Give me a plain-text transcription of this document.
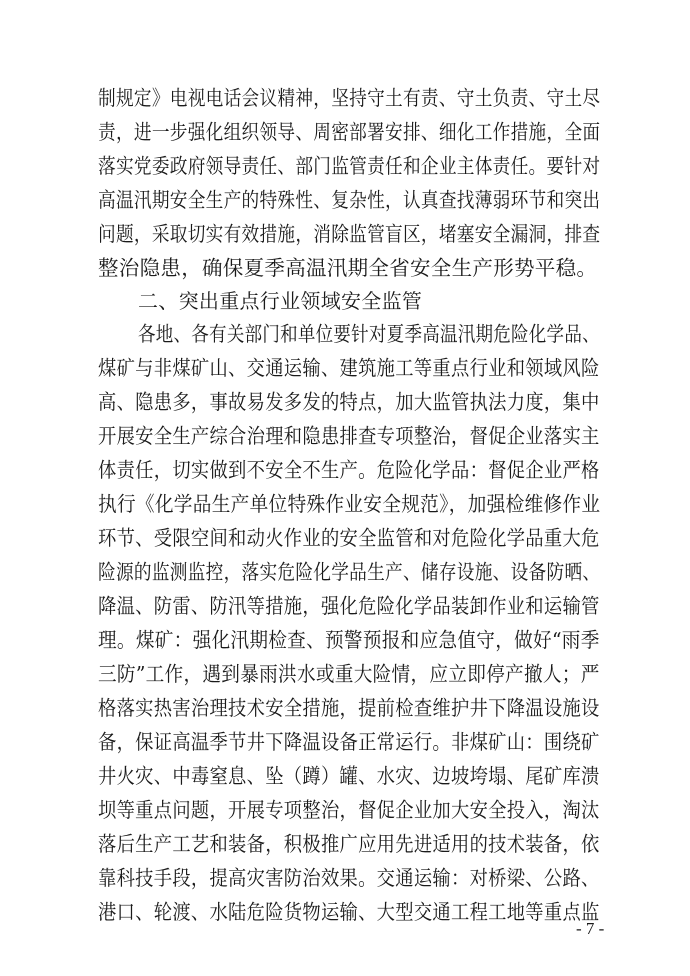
制规定》电视电话会议精神，坚持守土有责、守土负责、守土尽
责，进一步强化组织领导、周密部署安排、细化工作措施，全面
落实党委政府领导责任、部门监管责任和企业主体责任。要针对
高温汛期安全生产的特殊性、复杂性，认真查找薄弱环节和突出
问题，采取切实有效措施，消除监管盲区，堵塞安全漏洞，排查
整治隐患，确保夏季高温汛期全省安全生产形势平稳。
二、突出重点行业领域安全监管
各地、各有关部门和单位要针对夏季高温汛期危险化学品、
煤矿与非煤矿山、交通运输、建筑施工等重点行业和领域风险
高、隐患多，事故易发多发的特点，加大监管执法力度，集中
开展安全生产综合治理和隐患排查专项整治，督促企业落实主
体责任，切实做到不安全不生产。危险化学品：督促企业严格
执行《化学品生产单位特殊作业安全规范》，加强检维修作业
环节、受限空间和动火作业的安全监管和对危险化学品重大危
险源的监测监控，落实危险化学品生产、储存设施、设备防晒、
降温、防雷、防汛等措施，强化危险化学品装卸作业和运输管
理。煤矿：强化汛期检查、预警预报和应急值守，做好“雨季
三防”工作，遇到暴雨洪水或重大险情，应立即停产撤人；严
格落实热害治理技术安全措施，提前检查维护井下降温设施设
备，保证高温季节井下降温设备正常运行。非煤矿山：围绕矿
井火灾、中毒窒息、坠（蹲）罐、水灾、边坡垮塌、尾矿库溃
坝等重点问题，开展专项整治，督促企业加大安全投入，淘汰
落后生产工艺和装备，积极推广应用先进适用的技术装备，依
靠科技手段，提高灾害防治效果。交通运输：对桥梁、公路、
港口、轮渡、水陆危险货物运输、大型交通工程工地等重点监
- 7 -
